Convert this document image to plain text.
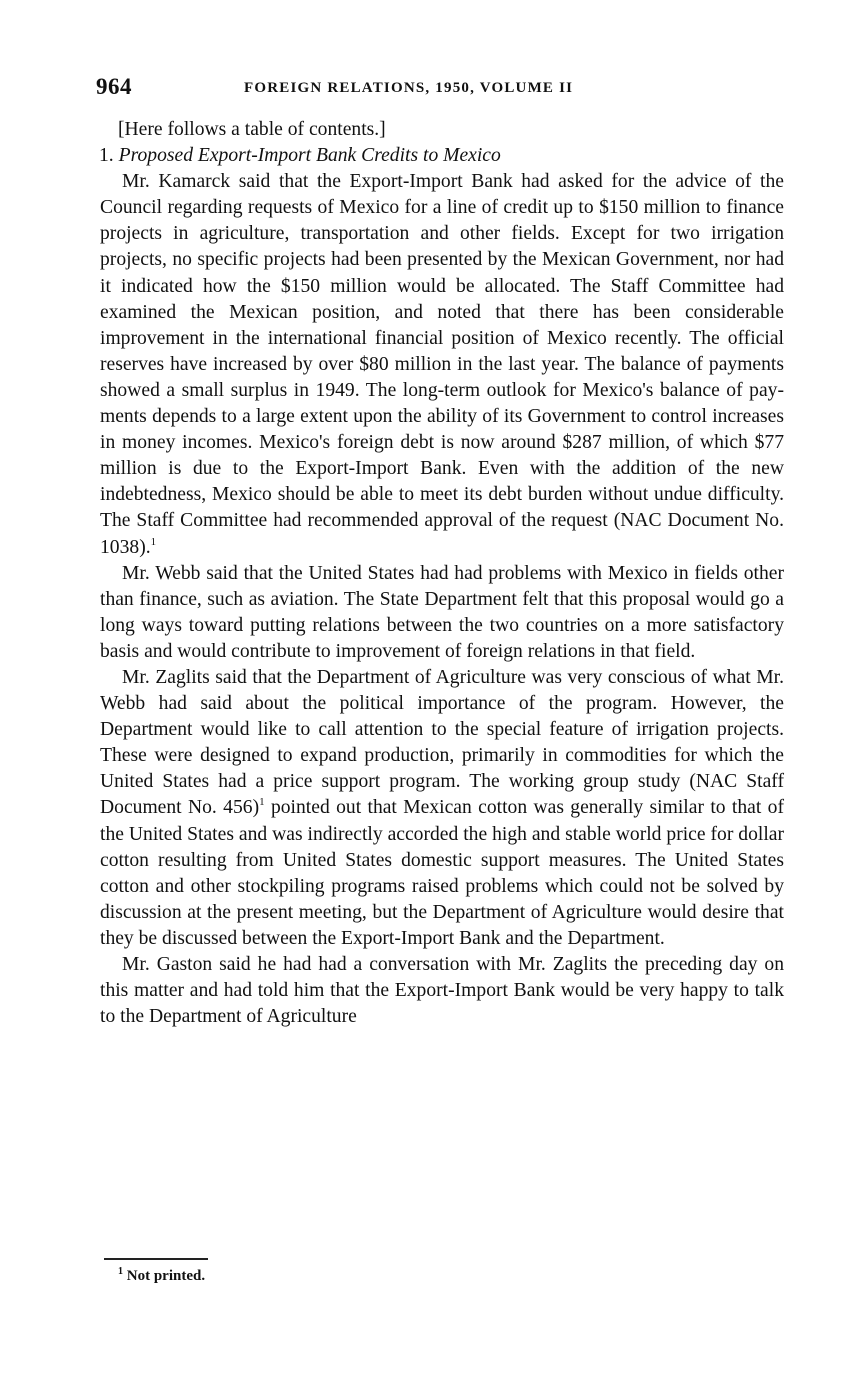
964	FOREIGN RELATIONS, 1950, VOLUME II
[Here follows a table of contents.]
1. Proposed Export-Import Bank Credits to Mexico

Mr. Kamarck said that the Export-Import Bank had asked for the advice of the Council regarding requests of Mexico for a line of credit up to $150 million to finance projects in agriculture, transportation and other fields. Except for two irrigation projects, no specific projects had been presented by the Mexican Government, nor had it indicated how the $150 million would be allocated. The Staff Committee had examined the Mexican position, and noted that there has been considerable improvement in the international financial position of Mexico recently. The official reserves have increased by over $80 million in the last year. The balance of payments showed a small surplus in 1949. The long-term outlook for Mexico's balance of payments depends to a large extent upon the ability of its Government to control increases in money incomes. Mexico's foreign debt is now around $287 million, of which $77 million is due to the Export-Import Bank. Even with the addition of the new indebtedness, Mexico should be able to meet its debt burden without undue difficulty. The Staff Committee had recommended approval of the request (NAC Document No. 1038).$^1$

Mr. Webb said that the United States had had problems with Mexico in fields other than finance, such as aviation. The State Department felt that this proposal would go a long ways toward putting relations between the two countries on a more satisfactory basis and would contribute to improvement of foreign relations in that field.

Mr. Zaglits said that the Department of Agriculture was very conscious of what Mr. Webb had said about the political importance of the program. However, the Department would like to call attention to the special feature of irrigation projects. These were designed to expand production, primarily in commodities for which the United States had a price support program. The working group study (NAC Staff Document No. 456)$^1$ pointed out that Mexican cotton was generally similar to that of the United States and was indirectly accorded the high and stable world price for dollar cotton resulting from United States domestic support measures. The United States cotton and other stockpiling programs raised problems which could not be solved by discussion at the present meeting, but the Department of Agriculture would desire that they be discussed between the Export-Import Bank and the Department.

Mr. Gaston said he had had a conversation with Mr. Zaglits the preceding day on this matter and had told him that the Export-Import Bank would be very happy to talk to the Department of Agriculture

$^1$ Not printed.
